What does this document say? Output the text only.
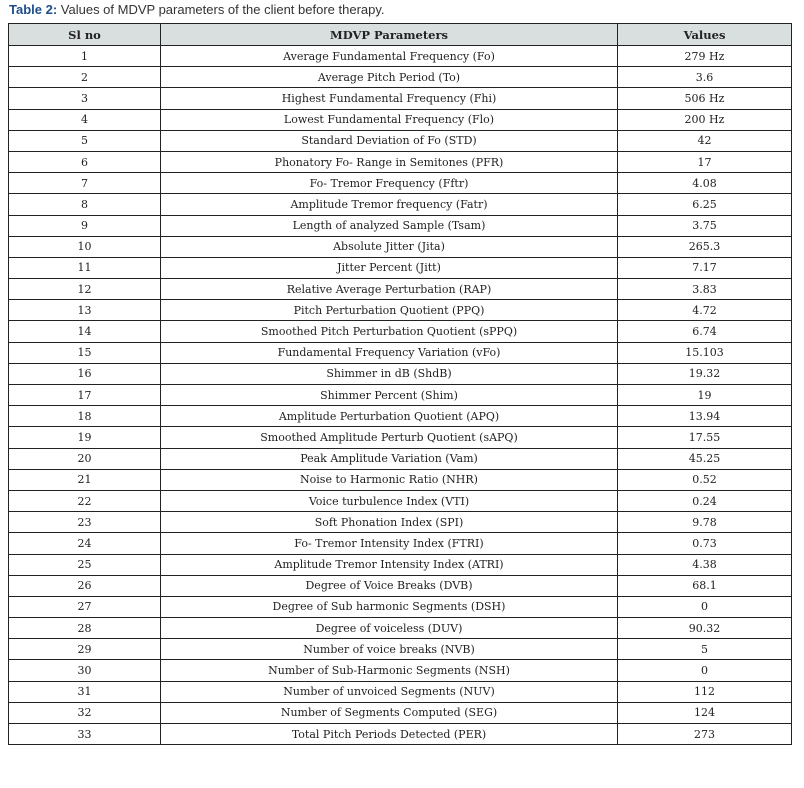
Table 2: Values of MDVP parameters of the client before therapy.
Sl no	MDVP Parameters	Values
1	Average Fundamental Frequency (Fo)	279 Hz
2	Average Pitch Period (To)	3.6
3	Highest Fundamental Frequency (Fhi)	506 Hz
4	Lowest Fundamental Frequency (Flo)	200 Hz
5	Standard Deviation of Fo (STD)	42
6	Phonatory Fo- Range in Semitones (PFR)	17
7	Fo- Tremor Frequency (Fftr)	4.08
8	Amplitude Tremor frequency (Fatr)	6.25
9	Length of analyzed Sample (Tsam)	3.75
10	Absolute Jitter (Jita)	265.3
11	Jitter Percent (Jitt)	7.17
12	Relative Average Perturbation (RAP)	3.83
13	Pitch Perturbation Quotient (PPQ)	4.72
14	Smoothed Pitch Perturbation Quotient (sPPQ)	6.74
15	Fundamental Frequency Variation (vFo)	15.103
16	Shimmer in dB (ShdB)	19.32
17	Shimmer Percent (Shim)	19
18	Amplitude Perturbation Quotient (APQ)	13.94
19	Smoothed Amplitude Perturb Quotient (sAPQ)	17.55
20	Peak Amplitude Variation (Vam)	45.25
21	Noise to Harmonic Ratio (NHR)	0.52
22	Voice turbulence Index (VTI)	0.24
23	Soft Phonation Index (SPI)	9.78
24	Fo- Tremor Intensity Index (FTRI)	0.73
25	Amplitude Tremor Intensity Index (ATRI)	4.38
26	Degree of Voice Breaks (DVB)	68.1
27	Degree of Sub harmonic Segments (DSH)	0
28	Degree of voiceless (DUV)	90.32
29	Number of voice breaks (NVB)	5
30	Number of Sub-Harmonic Segments (NSH)	0
31	Number of unvoiced Segments (NUV)	112
32	Number of Segments Computed (SEG)	124
33	Total Pitch Periods Detected (PER)	273
